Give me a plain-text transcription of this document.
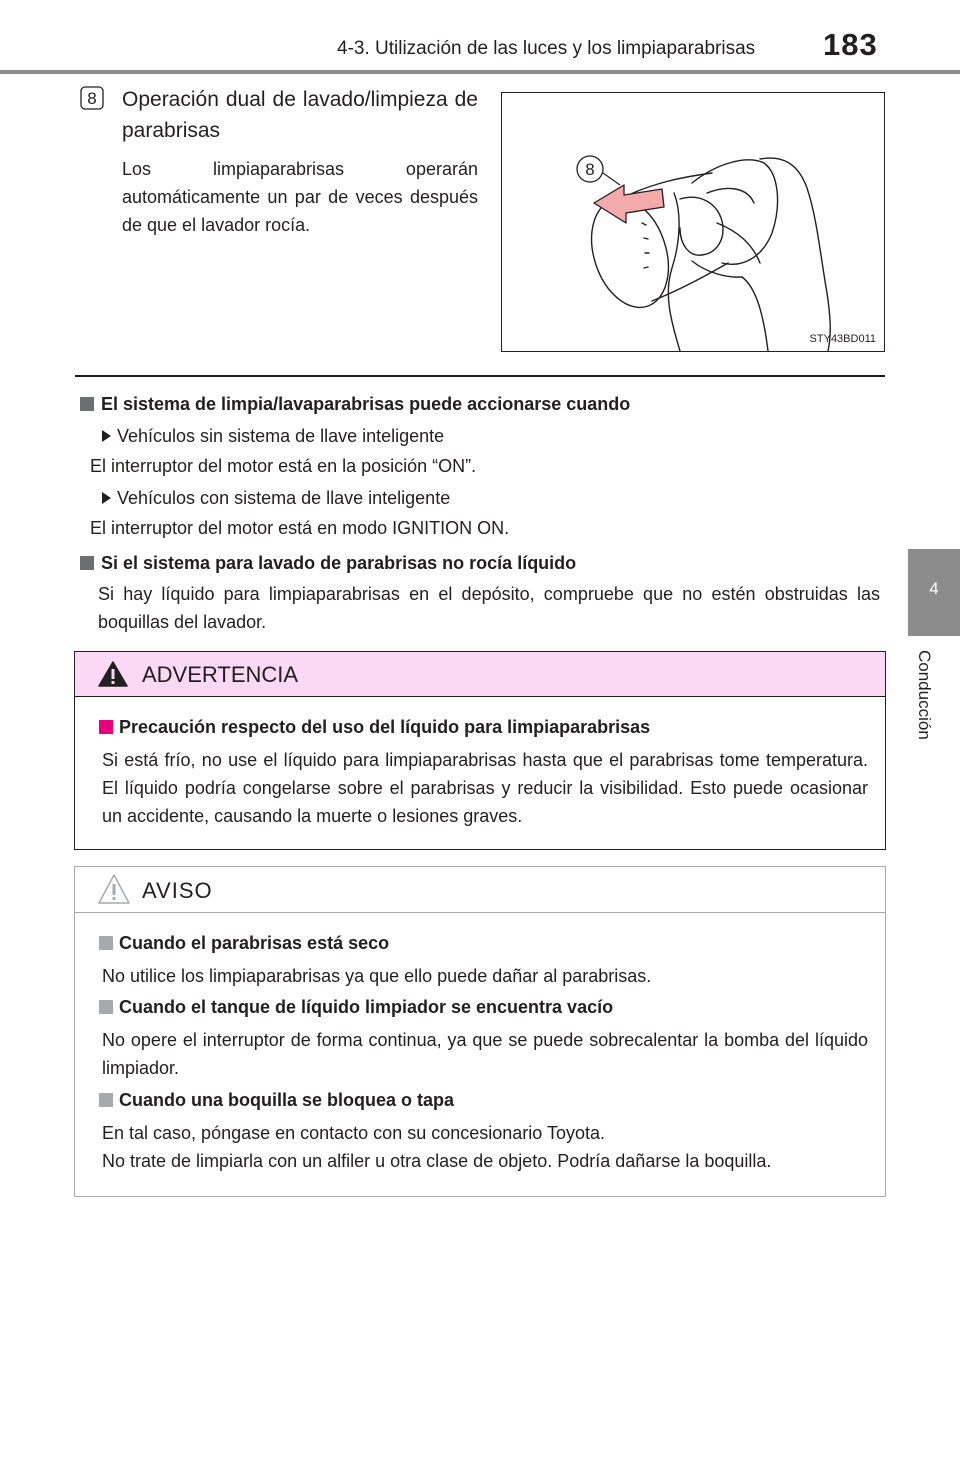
4-3. Utilización de las luces y los limpiaparabrisas 183
4
Conducción
8 Operación dual de lavado/limpieza de parabrisas
Los limpiaparabrisas operarán automáticamente un par de veces después de que el lavador rocía.
8
STY43BD011
El sistema de limpia/lavaparabrisas puede accionarse cuando
Vehículos sin sistema de llave inteligente
El interruptor del motor está en la posición “ON”.
Vehículos con sistema de llave inteligente
El interruptor del motor está en modo IGNITION ON.
Si el sistema para lavado de parabrisas no rocía líquido
Si hay líquido para limpiaparabrisas en el depósito, compruebe que no estén obstruidas las boquillas del lavador.
ADVERTENCIA
Precaución respecto del uso del líquido para limpiaparabrisas
Si está frío, no use el líquido para limpiaparabrisas hasta que el parabrisas tome temperatura. El líquido podría congelarse sobre el parabrisas y reducir la visibilidad. Esto puede ocasionar un accidente, causando la muerte o lesiones graves.
AVISO
Cuando el parabrisas está seco
No utilice los limpiaparabrisas ya que ello puede dañar al parabrisas.
Cuando el tanque de líquido limpiador se encuentra vacío
No opere el interruptor de forma continua, ya que se puede sobrecalentar la bomba del líquido limpiador.
Cuando una boquilla se bloquea o tapa
En tal caso, póngase en contacto con su concesionario Toyota.
No trate de limpiarla con un alfiler u otra clase de objeto. Podría dañarse la boquilla.
